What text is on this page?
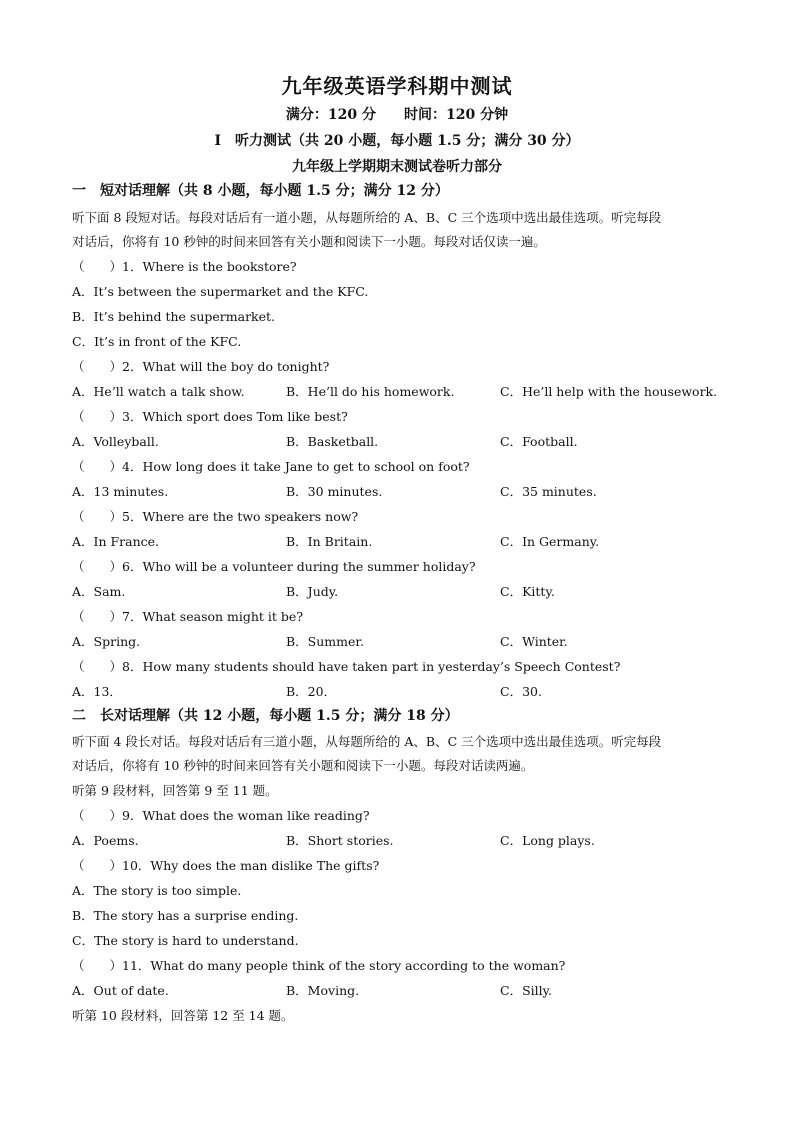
九年级英语学科期中测试
满分：120 分　　时间：120 分钟
Ⅰ　听力测试（共 20 小题，每小题 1.5 分；满分 30 分）
九年级上学期期末测试卷听力部分
一　短对话理解（共 8 小题，每小题 1.5 分；满分 12 分）
听下面 8 段短对话。每段对话后有一道小题，从每题所给的 A、B、C 三个选项中选出最佳选项。听完每段
对话后，你将有 10 秒钟的时间来回答有关小题和阅读下一小题。每段对话仅读一遍。
（　　）1．Where is the bookstore?
A．It’s between the supermarket and the KFC.
B．It’s behind the supermarket.
C．It’s in front of the KFC.
（　　）2．What will the boy do tonight?
A．He’ll watch a talk show.	B．He’ll do his homework.	C．He’ll help with the housework.
（　　）3．Which sport does Tom like best?
A．Volleyball.	B．Basketball.	C．Football.
（　　）4．How long does it take Jane to get to school on foot?
A．13 minutes.	B．30 minutes.	C．35 minutes.
（　　）5．Where are the two speakers now?
A．In France.	B．In Britain.	C．In Germany.
（　　）6．Who will be a volunteer during the summer holiday?
A．Sam.	B．Judy.	C．Kitty.
（　　）7．What season might it be?
A．Spring.	B．Summer.	C．Winter.
（　　）8．How many students should have taken part in yesterday’s Speech Contest?
A．13．	B．20．	C．30.
二　长对话理解（共 12 小题，每小题 1.5 分；满分 18 分）
听下面 4 段长对话。每段对话后有三道小题，从每题所给的 A、B、C 三个选项中选出最佳选项。听完每段
对话后，你将有 10 秒钟的时间来回答有关小题和阅读下一小题。每段对话读两遍。
听第 9 段材料，回答第 9 至 11 题。
（　　）9．What does the woman like reading?
A．Poems.	B．Short stories.	C．Long plays.
（　　）10．Why does the man dislike The gifts?
A．The story is too simple.
B．The story has a surprise ending.
C．The story is hard to understand.
（　　）11．What do many people think of the story according to the woman?
A．Out of date.	B．Moving.	C．Silly.
听第 10 段材料，回答第 12 至 14 题。
